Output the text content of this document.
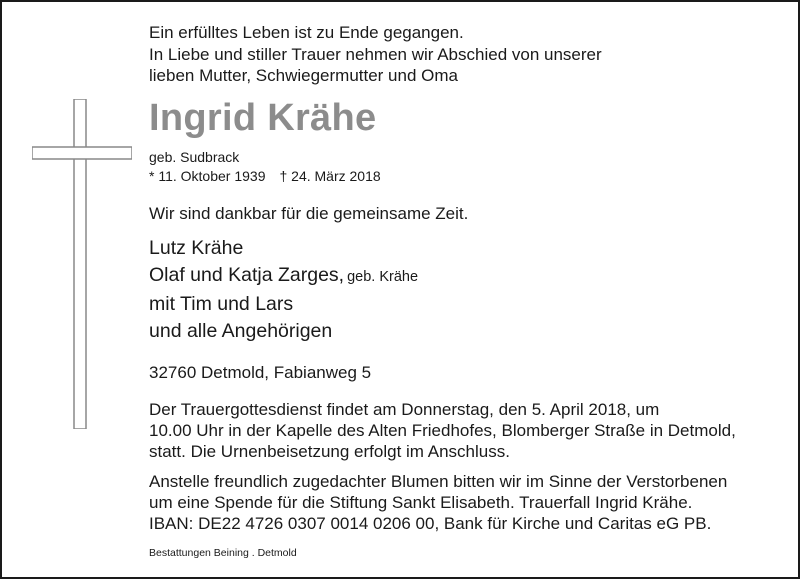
Ein erfülltes Leben ist zu Ende gegangen.
In Liebe und stiller Trauer nehmen wir Abschied von unserer
lieben Mutter, Schwiegermutter und Oma
Ingrid Krähe
geb. Sudbrack
* 11. Oktober 1939 † 24. März 2018
Wir sind dankbar für die gemeinsame Zeit.
Lutz Krähe
Olaf und Katja Zarges, geb. Krähe
mit Tim und Lars
und alle Angehörigen
32760 Detmold, Fabianweg 5
Der Trauergottesdienst findet am Donnerstag, den 5. April 2018, um
10.00 Uhr in der Kapelle des Alten Friedhofes, Blomberger Straße in Detmold,
statt. Die Urnenbeisetzung erfolgt im Anschluss.
Anstelle freundlich zugedachter Blumen bitten wir im Sinne der Verstorbenen
um eine Spende für die Stiftung Sankt Elisabeth. Trauerfall Ingrid Krähe.
IBAN: DE22 4726 0307 0014 0206 00, Bank für Kirche und Caritas eG PB.
Bestattungen Beining . Detmold
